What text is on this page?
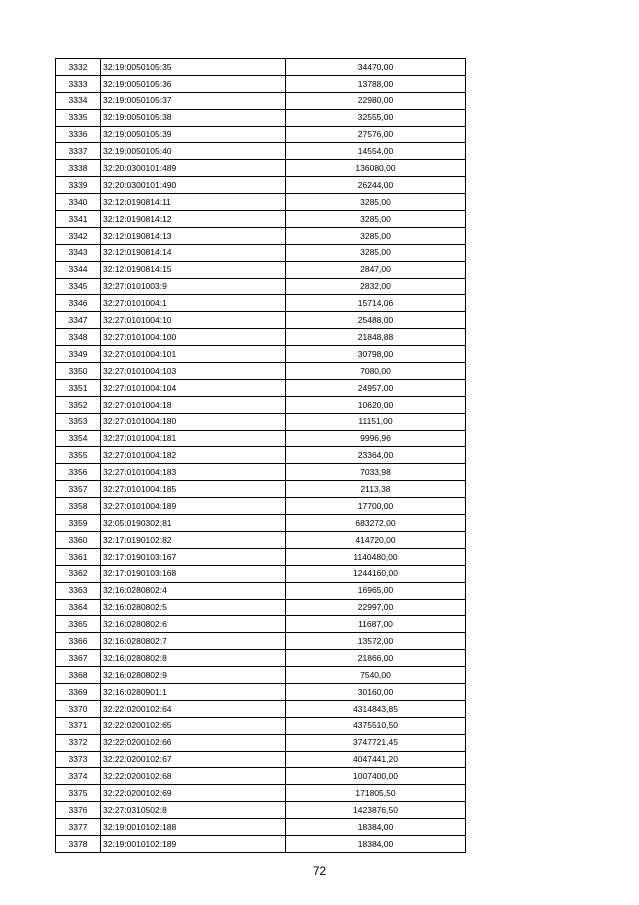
3332	32:19:0050105:35	34470,00
3333	32:19:0050105:36	13788,00
3334	32:19:0050105:37	22980,00
3335	32:19:0050105:38	32555,00
3336	32:19:0050105:39	27576,00
3337	32:19:0050105:40	14554,00
3338	32:20:0300101:489	136080,00
3339	32:20:0300101:490	26244,00
3340	32:12:0190814:11	3285,00
3341	32:12:0190814:12	3285,00
3342	32:12:0190814:13	3285,00
3343	32:12:0190814:14	3285,00
3344	32:12:0190814:15	2847,00
3345	32:27:0101003:9	2832,00
3346	32:27:0101004:1	15714,06
3347	32:27:0101004:10	25488,00
3348	32:27:0101004:100	21848,88
3349	32:27:0101004:101	30798,00
3350	32:27:0101004:103	7080,00
3351	32:27:0101004:104	24957,00
3352	32:27:0101004:18	10620,00
3353	32:27:0101004:180	11151,00
3354	32:27:0101004:181	9996,96
3355	32:27:0101004:182	23364,00
3356	32:27:0101004:183	7033,98
3357	32:27:0101004:185	2113,38
3358	32:27:0101004:189	17700,00
3359	32:05:0190302:81	683272,00
3360	32:17:0190102:82	414720,00
3361	32:17:0190103:167	1140480,00
3362	32:17:0190103:168	1244160,00
3363	32:16:0280802:4	16965,00
3364	32:16:0280802:5	22997,00
3365	32:16:0280802:6	11687,00
3366	32:16:0280802:7	13572,00
3367	32:16:0280802:8	21866,00
3368	32:16:0280802:9	7540,00
3369	32:16:0280901:1	30160,00
3370	32:22:0200102:64	4314843,85
3371	32:22:0200102:65	4375510,50
3372	32:22:0200102:66	3747721,45
3373	32:22:0200102:67	4047441,20
3374	32:22:0200102:68	1007400,00
3375	32:22:0200102:69	171805,50
3376	32:27:0310502:8	1423876,50
3377	32:19:0010102:188	18384,00
3378	32:19:0010102:189	18384,00
72
